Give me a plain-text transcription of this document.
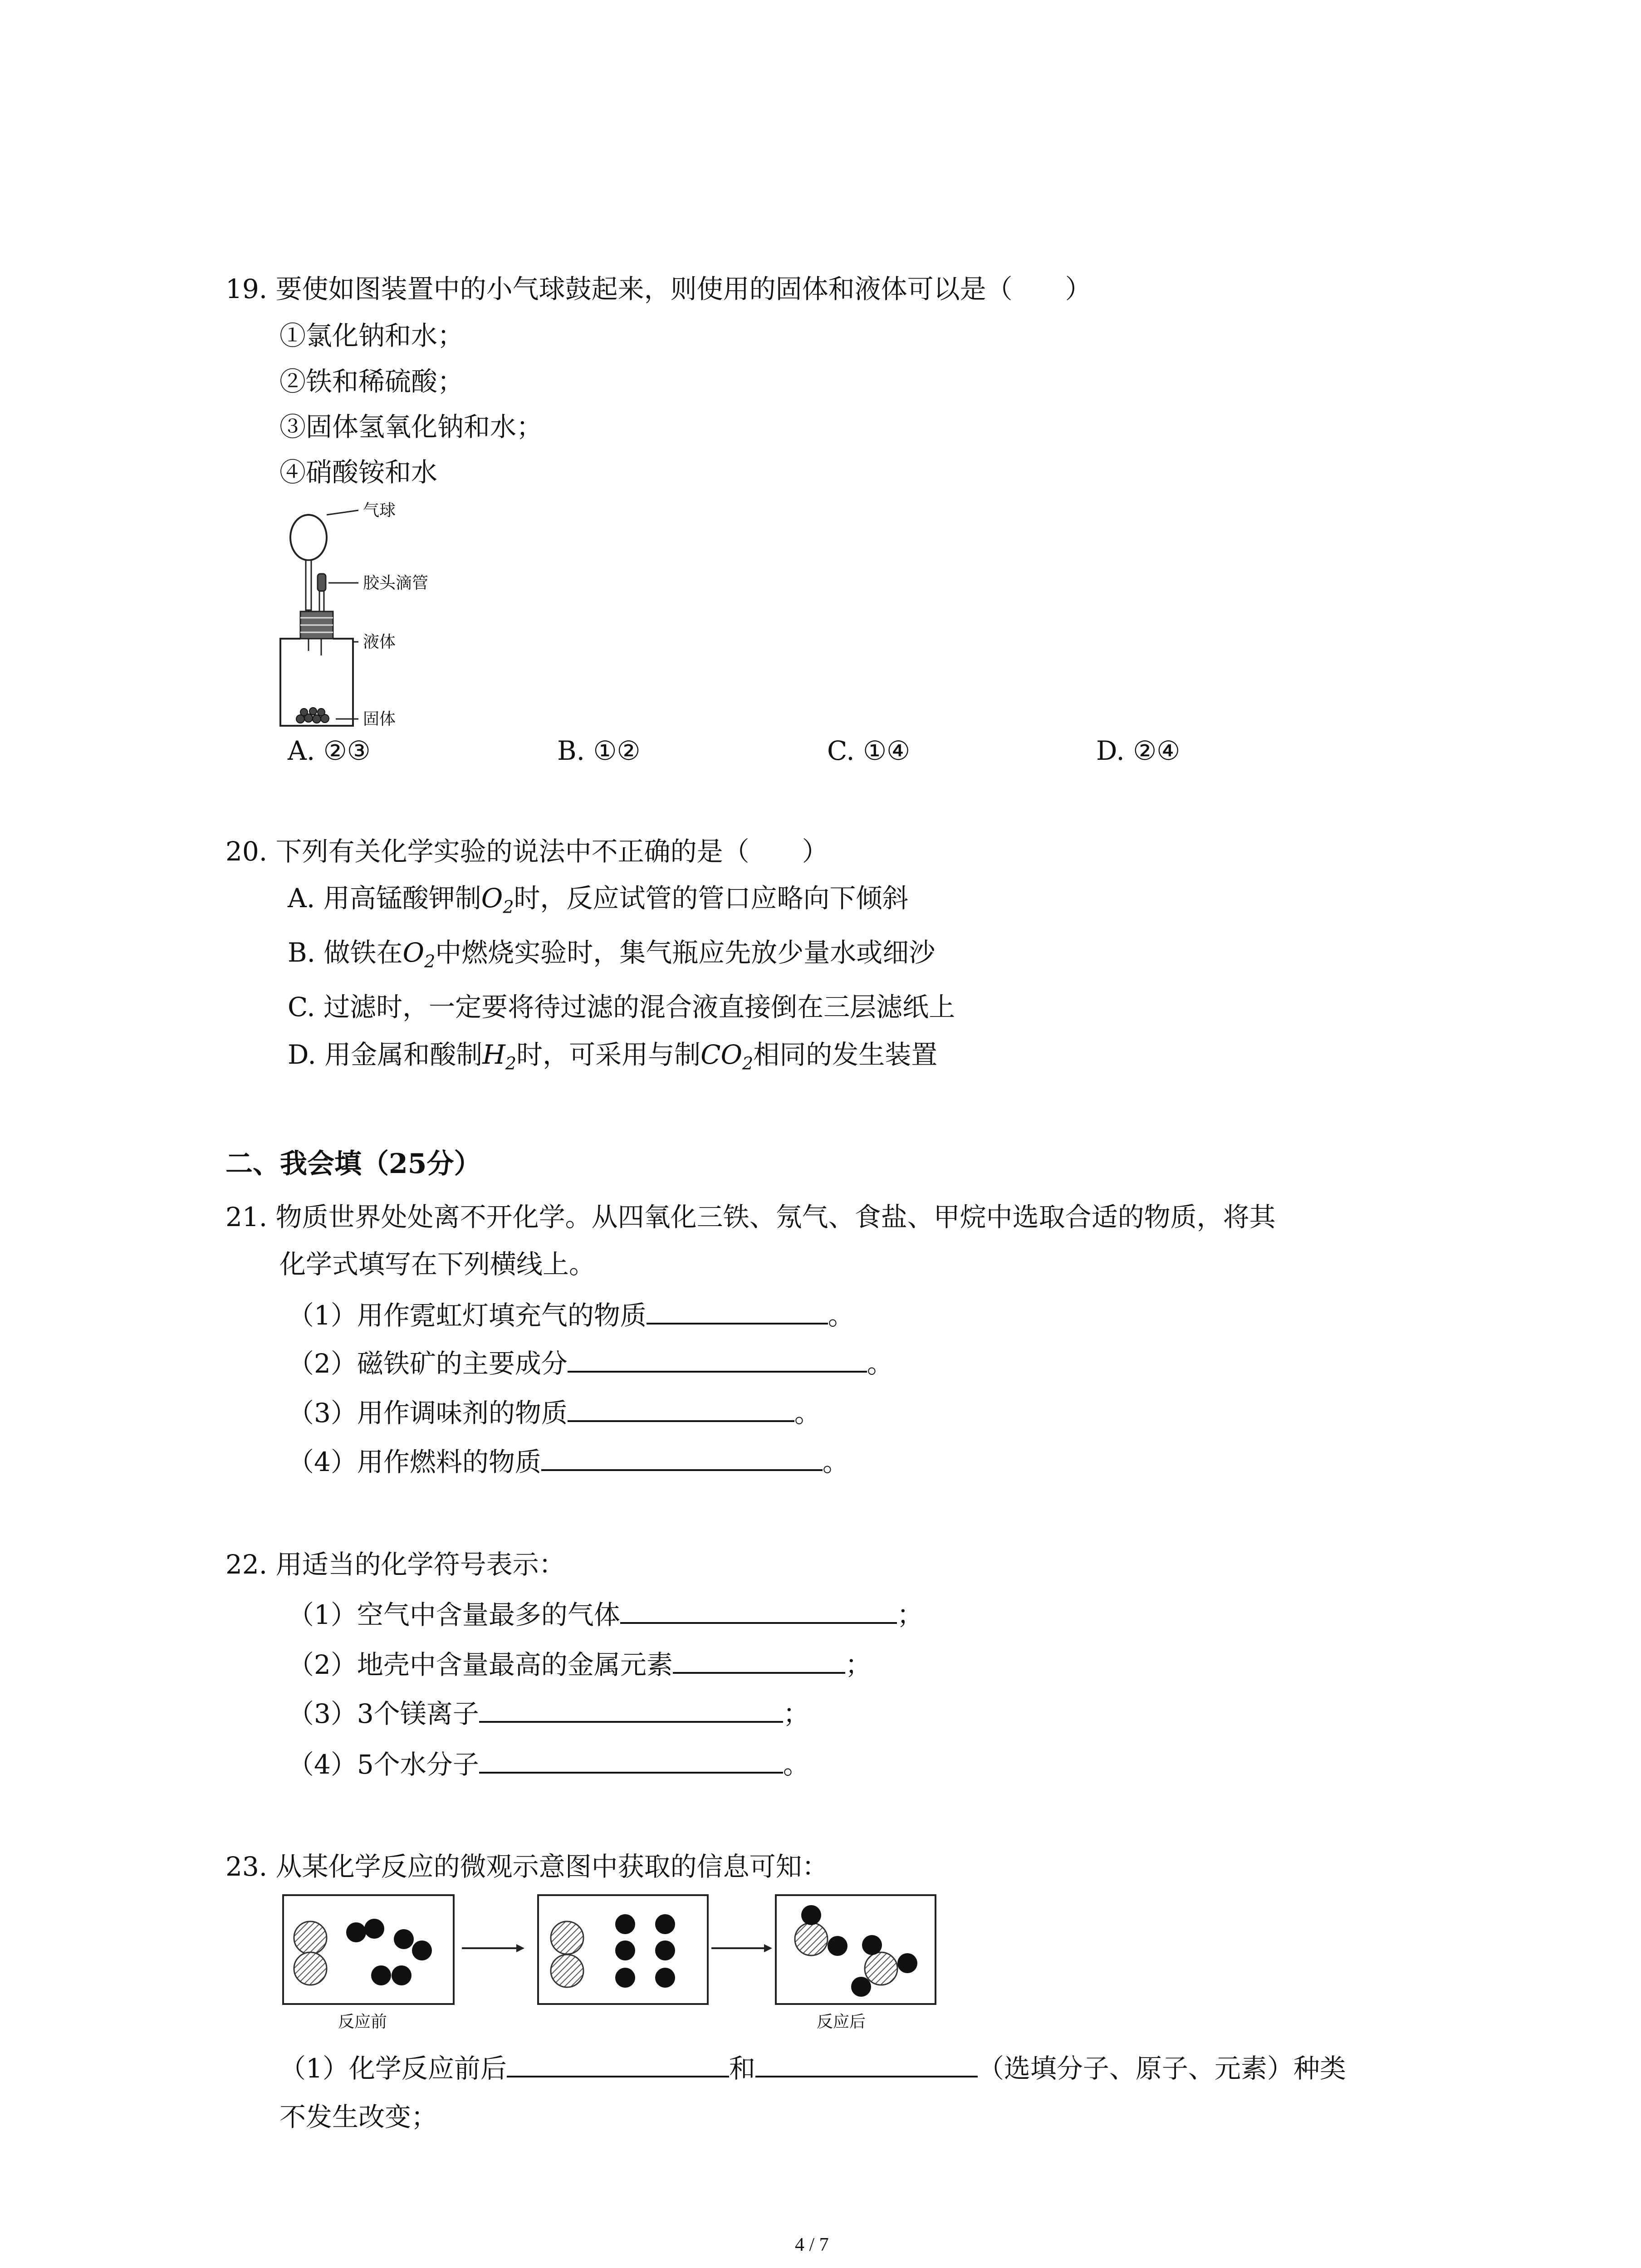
19. 要使如图装置中的小气球鼓起来，则使用的固体和液体可以是（　　）
①氯化钠和水；
②铁和稀硫酸；
③固体氢氧化钠和水；
④硝酸铵和水
气球
胶头滴管
液体
固体
A. ②③	B. ①②	C. ①④	D. ②④
20. 下列有关化学实验的说法中不正确的是（　　）
A. 用高锰酸钾制$O_2$时，反应试管的管口应略向下倾斜
B. 做铁在$O_2$中燃烧实验时，集气瓶应先放少量水或细沙
C. 过滤时，一定要将待过滤的混合液直接倒在三层滤纸上
D. 用金属和酸制$H_2$时，可采用与制$CO_2$相同的发生装置
二、我会填（25分）
21. 物质世界处处离不开化学。从四氧化三铁、氖气、食盐、甲烷中选取合适的物质，将其
化学式填写在下列横线上。
（1）用作霓虹灯填充气的物质	。
（2）磁铁矿的主要成分	。
（3）用作调味剂的物质	。
（4）用作燃料的物质	。
22. 用适当的化学符号表示：
（1）空气中含量最多的气体	；
（2）地壳中含量最高的金属元素	；
（3）3个镁离子	；
（4）5个水分子	。
23. 从某化学反应的微观示意图中获取的信息可知：
反应前	反应后
（1）化学反应前后	和	（选填分子、原子、元素）种类
不发生改变；
4 / 7
